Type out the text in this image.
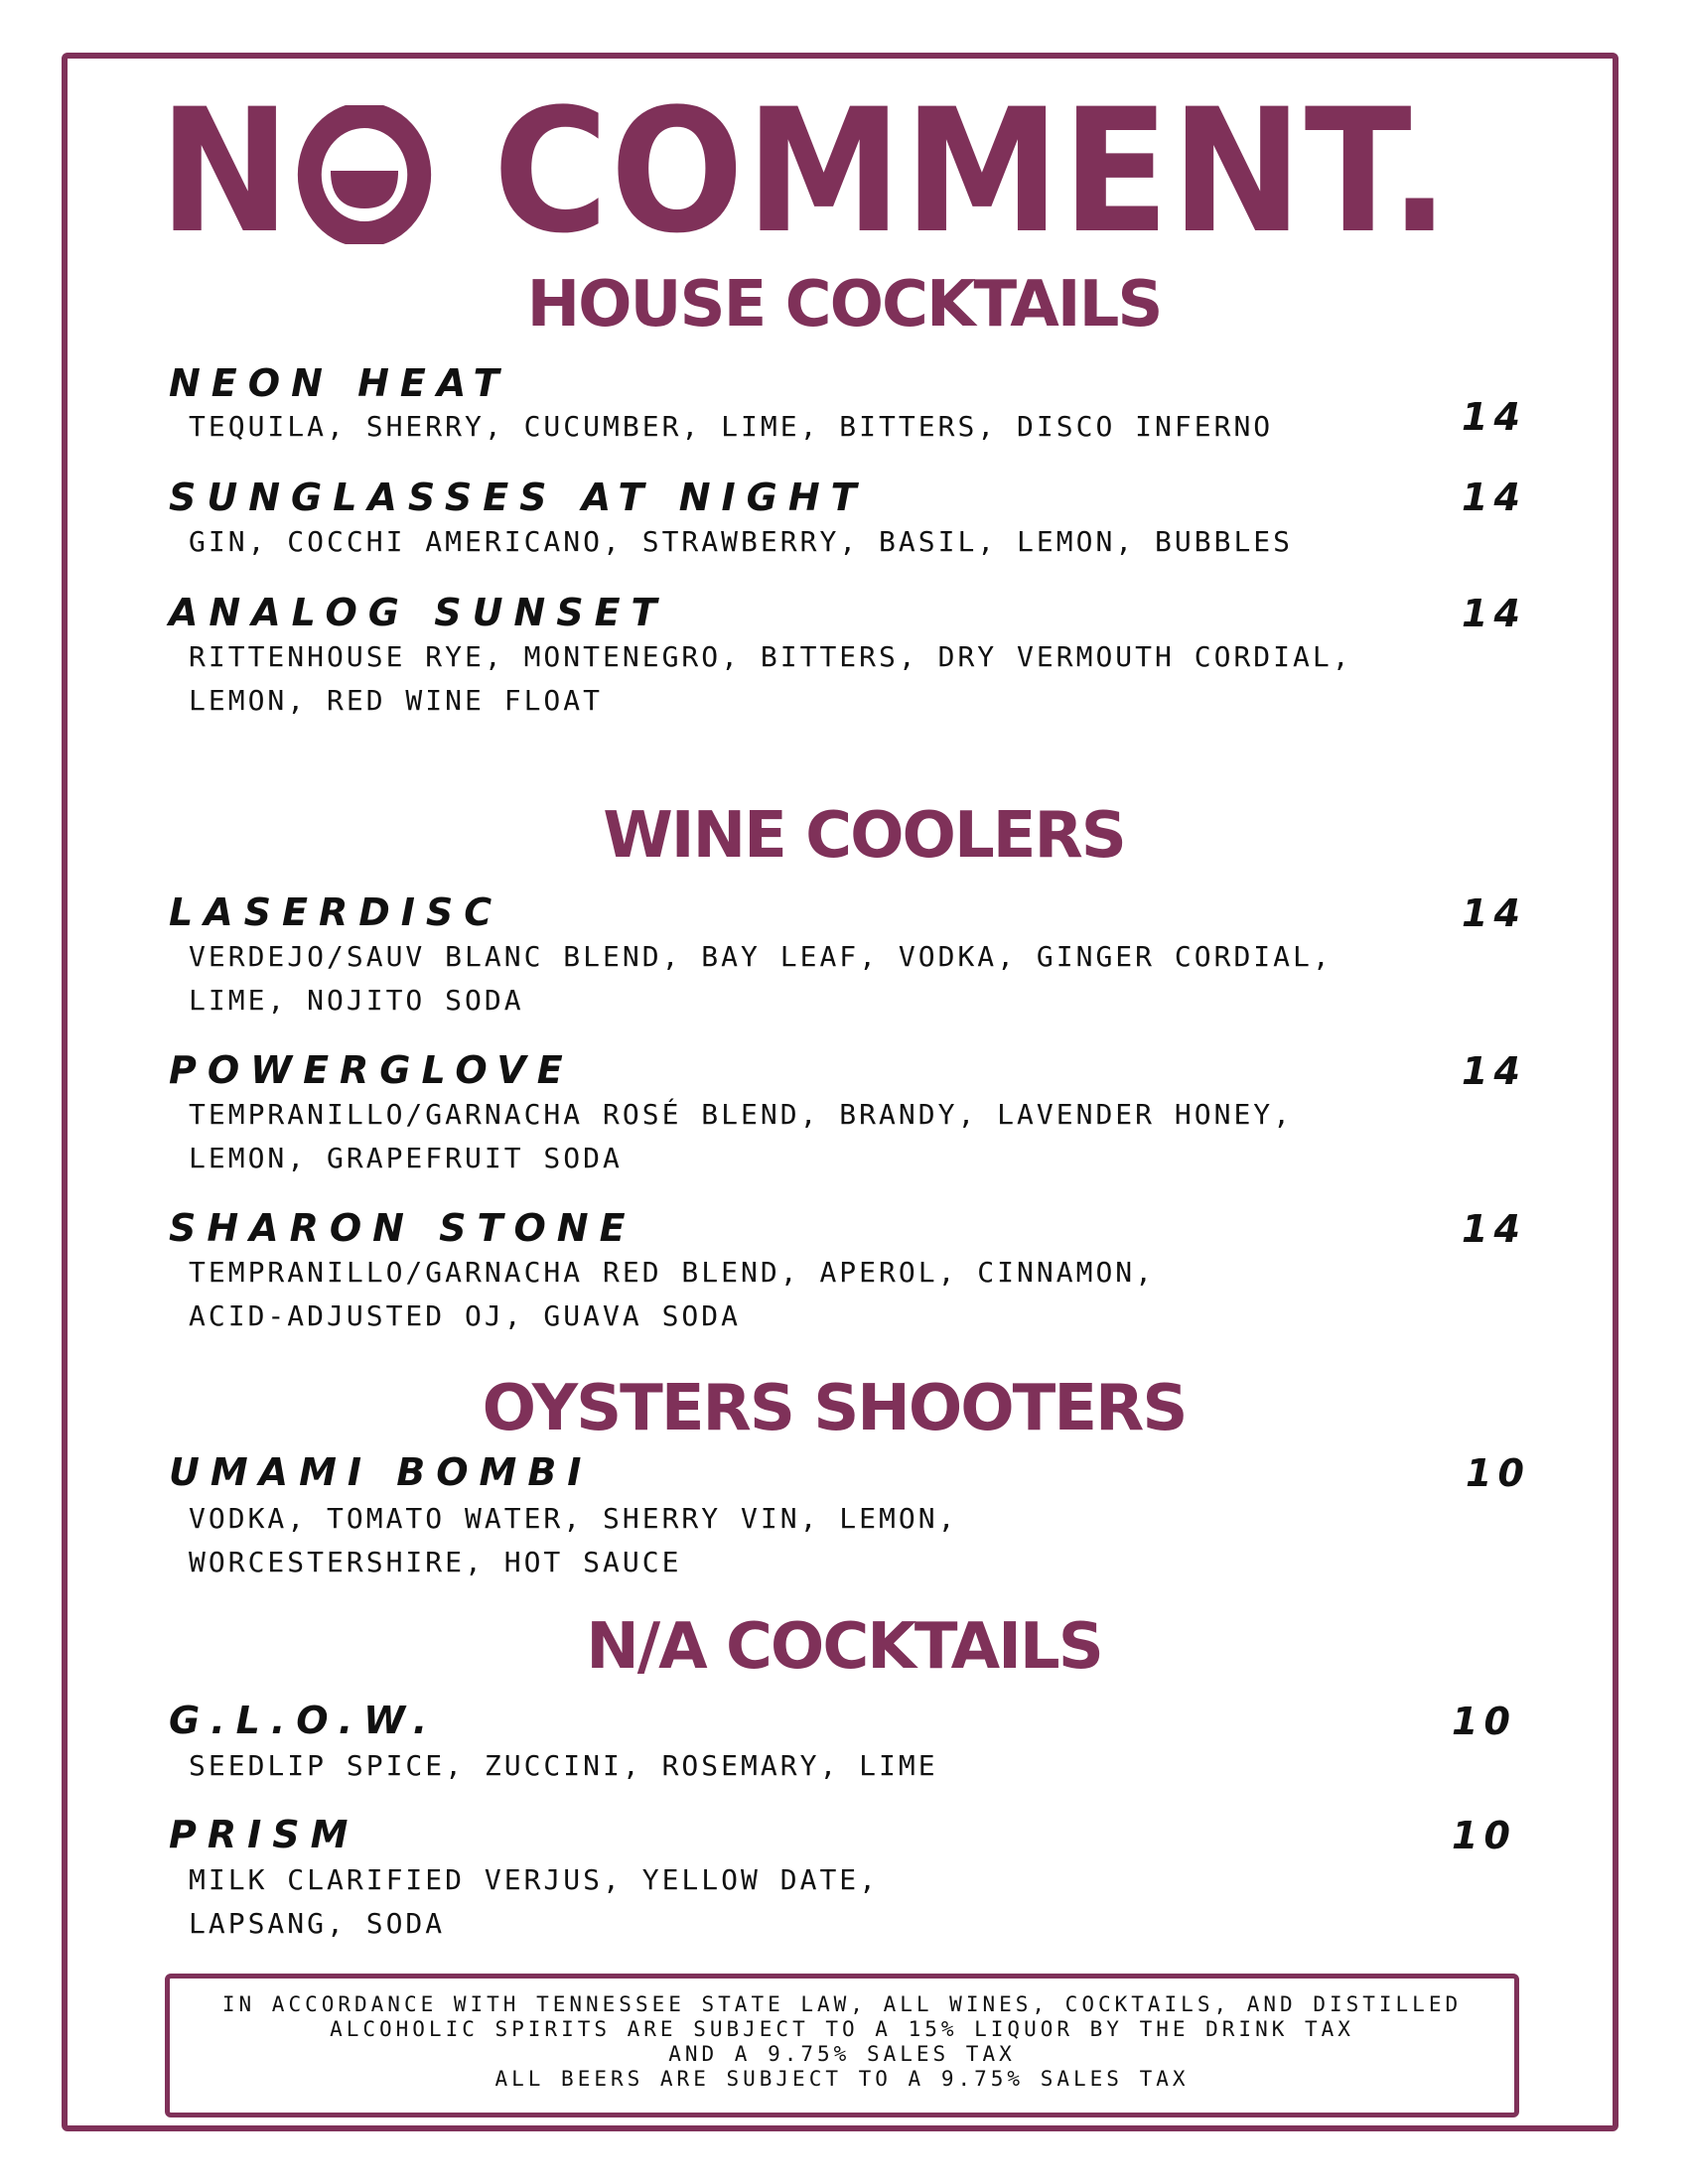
N COMMENT.
HOUSE COCKTAILS
NEON HEAT
TEQUILA, SHERRY, CUCUMBER, LIME, BITTERS, DISCO INFERNO	14
SUNGLASSES AT NIGHT
GIN, COCCHI AMERICANO, STRAWBERRY, BASIL, LEMON, BUBBLES
14
ANALOG SUNSET
RITTENHOUSE RYE, MONTENEGRO, BITTERS, DRY VERMOUTH CORDIAL,
LEMON, RED WINE FLOAT
14
WINE COOLERS
LASERDISC
VERDEJO/SAUV BLANC BLEND, BAY LEAF, VODKA, GINGER CORDIAL,
LIME, NOJITO SODA
14
POWERGLOVE
TEMPRANILLO/GARNACHA ROSÉ BLEND, BRANDY, LAVENDER HONEY,
LEMON, GRAPEFRUIT SODA
14
SHARON STONE
TEMPRANILLO/GARNACHA RED BLEND, APEROL, CINNAMON,
ACID-ADJUSTED OJ, GUAVA SODA
14
OYSTERS SHOOTERS
UMAMI BOMBI
VODKA, TOMATO WATER, SHERRY VIN, LEMON,
WORCESTERSHIRE, HOT SAUCE
10
N/A COCKTAILS
G.L.O.W.
SEEDLIP SPICE, ZUCCINI, ROSEMARY, LIME
10
PRISM
MILK CLARIFIED VERJUS, YELLOW DATE,
LAPSANG, SODA
10
IN ACCORDANCE WITH TENNESSEE STATE LAW, ALL WINES, COCKTAILS, AND DISTILLED
ALCOHOLIC SPIRITS ARE SUBJECT TO A 15% LIQUOR BY THE DRINK TAX
AND A 9.75% SALES TAX
ALL BEERS ARE SUBJECT TO A 9.75% SALES TAX
